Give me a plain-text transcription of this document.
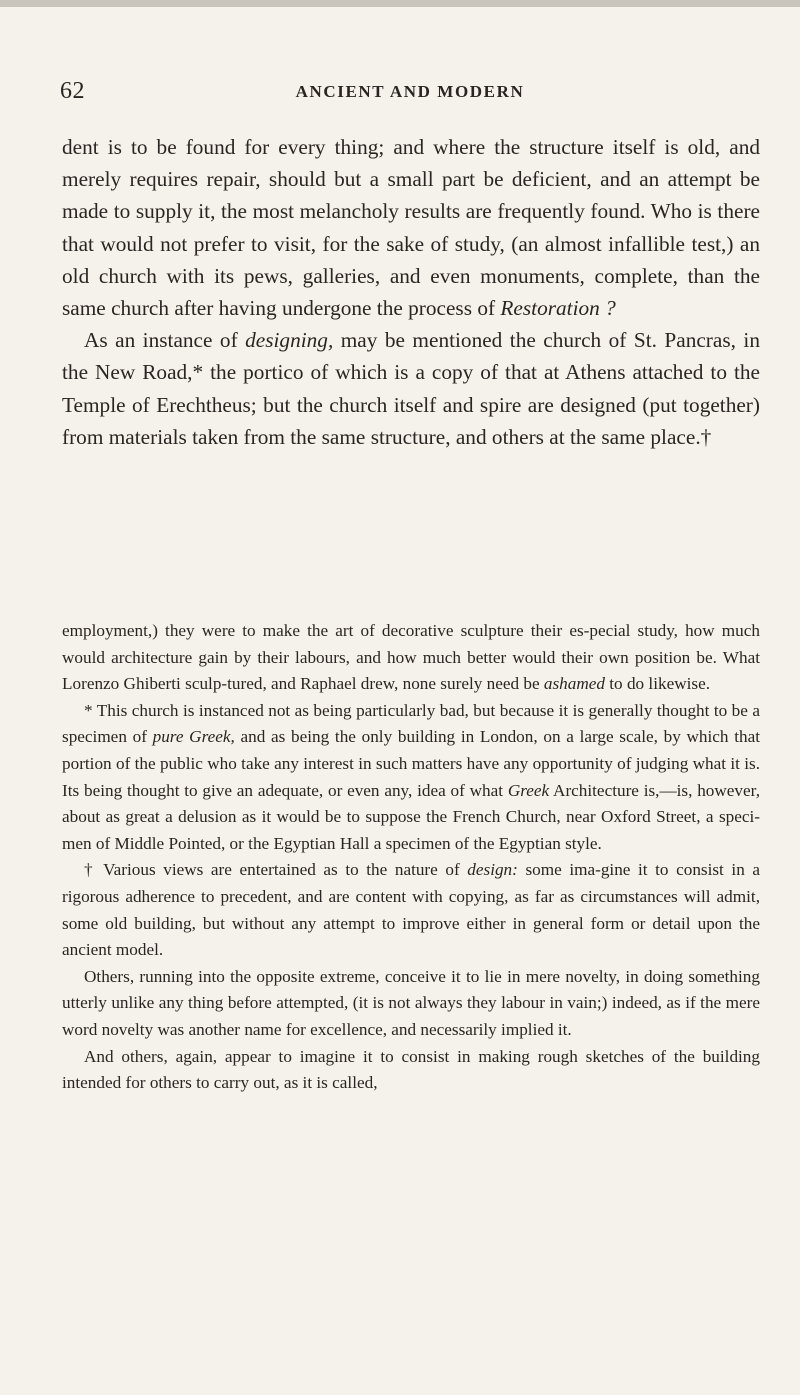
62	ANCIENT AND MODERN

dent is to be found for every thing; and where the structure itself is old, and merely requires repair, should but a small part be deficient, and an attempt be made to supply it, the most melancholy results are frequently found. Who is there that would not prefer to visit, for the sake of study, (an almost infallible test,) an old church with its pews, galleries, and even monuments, complete, than the same church after having undergone the process of Restoration ?

As an instance of designing, may be mentioned the church of St. Pancras, in the New Road,* the portico of which is a copy of that at Athens attached to the Temple of Erechtheus; but the church itself and spire are designed (put together) from materials taken from the same structure, and others at the same place.†

employment,) they were to make the art of decorative sculpture their es-pecial study, how much would architecture gain by their labours, and how much better would their own position be. What Lorenzo Ghiberti sculp-tured, and Raphael drew, none surely need be ashamed to do likewise.

* This church is instanced not as being particularly bad, but because it is generally thought to be a specimen of pure Greek, and as being the only building in London, on a large scale, by which that portion of the public who take any interest in such matters have any opportunity of judging what it is. Its being thought to give an adequate, or even any, idea of what Greek Architecture is,—is, however, about as great a delusion as it would be to suppose the French Church, near Oxford Street, a speci-men of Middle Pointed, or the Egyptian Hall a specimen of the Egyptian style.

† Various views are entertained as to the nature of design: some ima-gine it to consist in a rigorous adherence to precedent, and are content with copying, as far as circumstances will admit, some old building, but without any attempt to improve either in general form or detail upon the ancient model.

Others, running into the opposite extreme, conceive it to lie in mere novelty, in doing something utterly unlike any thing before attempted, (it is not always they labour in vain;) indeed, as if the mere word novelty was another name for excellence, and necessarily implied it.

And others, again, appear to imagine it to consist in making rough sketches of the building intended for others to carry out, as it is called,
